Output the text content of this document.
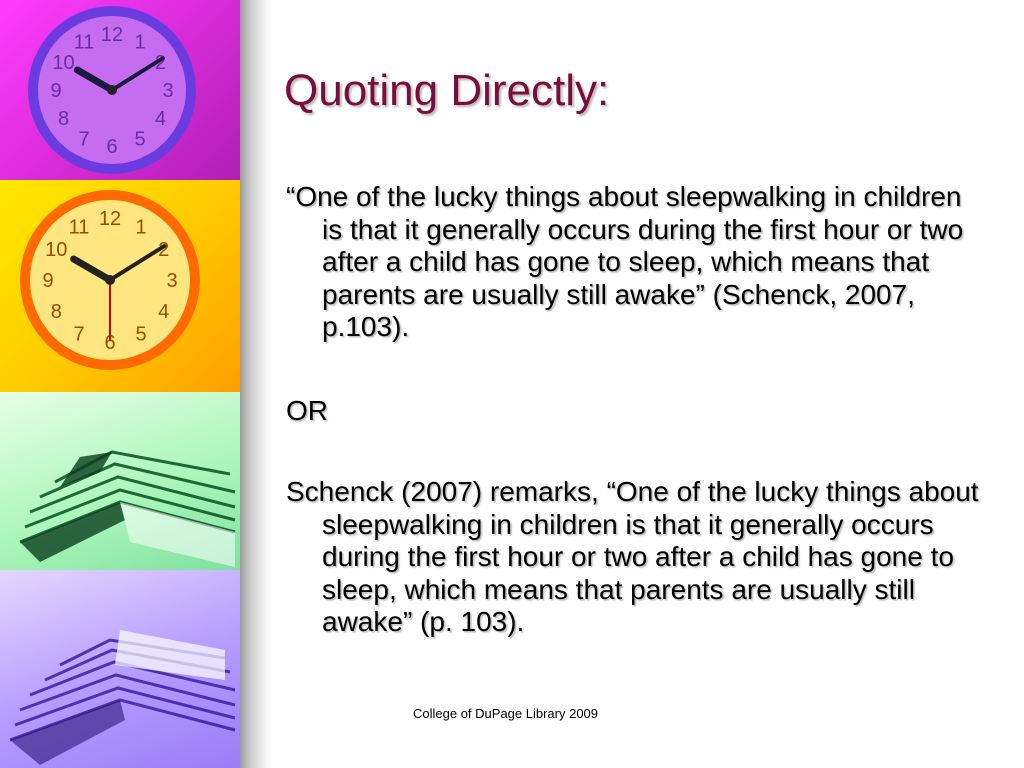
12 1
2
3
4
5
6
7
8
9
10
11
12 1
2
3
4
5
6
7
8
9
10
11
Quoting Directly:

“One of the lucky things about sleepwalking in children is that it generally occurs during the first hour or two after a child has gone to sleep, which means that parents are usually still awake” (Schenck, 2007, p.103).

OR

Schenck (2007) remarks, “One of the lucky things about sleepwalking in children is that it generally occurs during the first hour or two after a child has gone to sleep, which means that parents are usually still awake” (p. 103).

College of DuPage Library 2009
